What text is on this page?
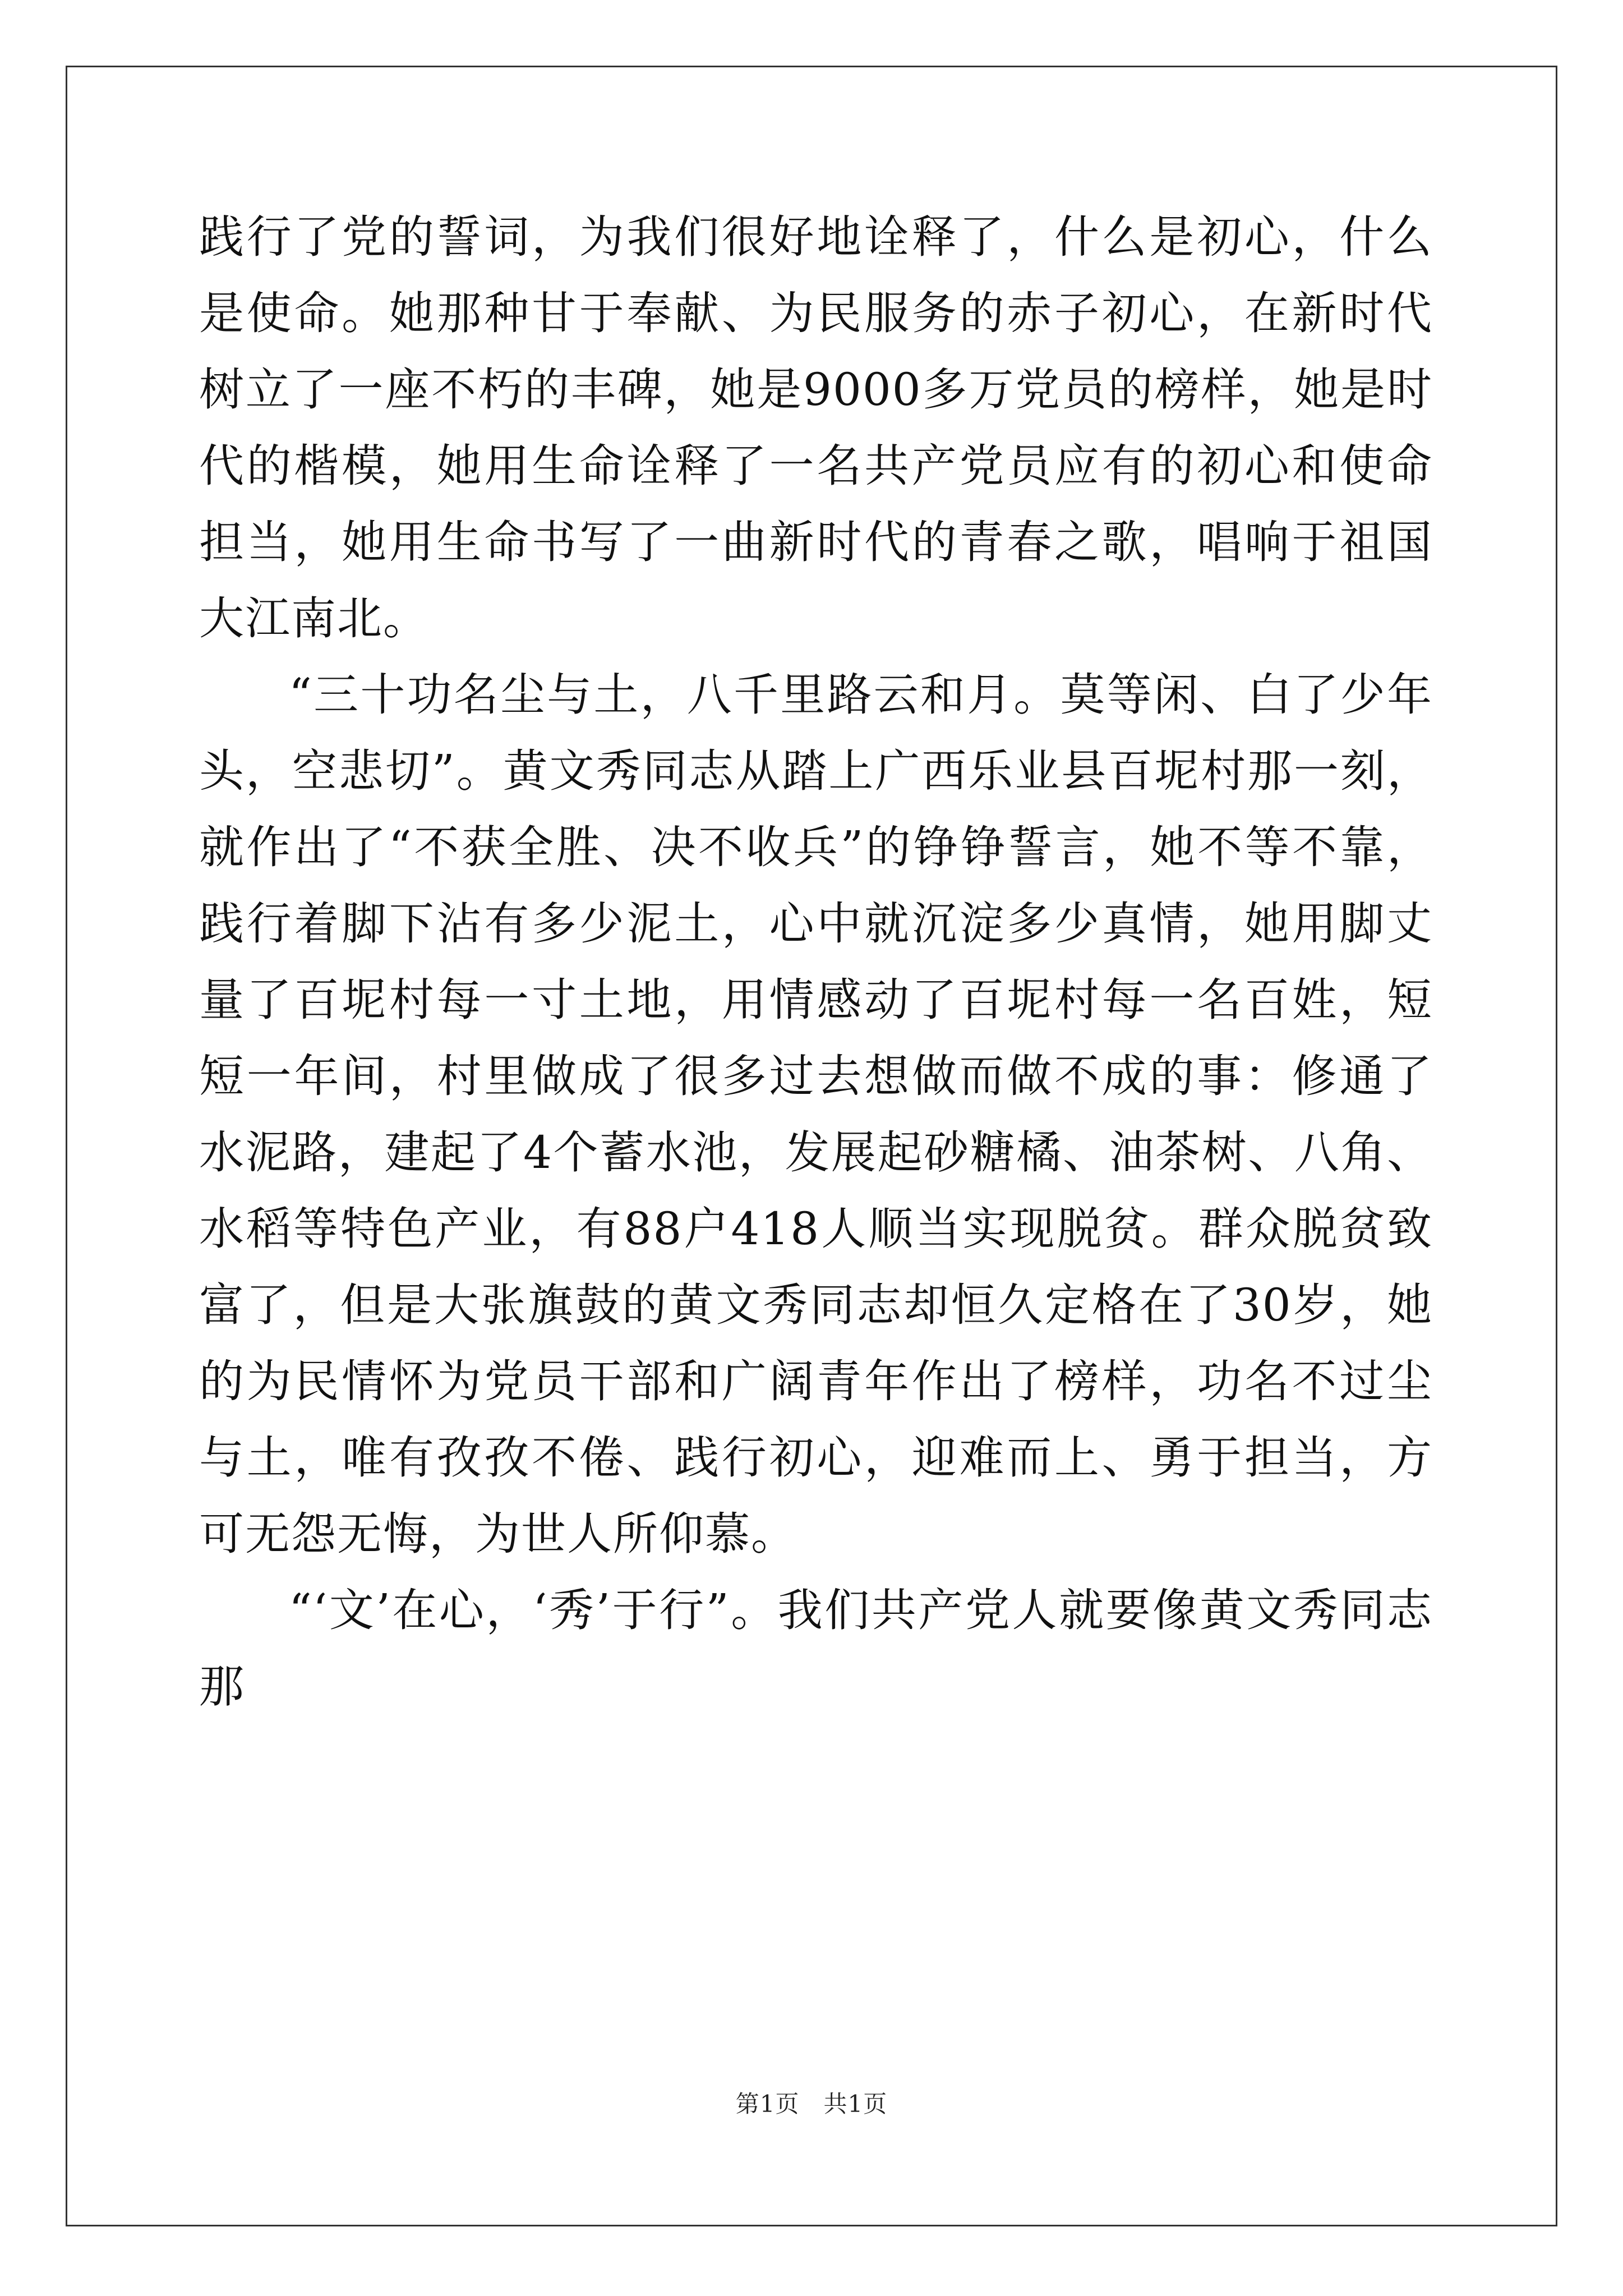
践行了党的誓词，为我们很好地诠释了，什么是初心，什么是使命。她那种甘于奉献、为民服务的赤子初心，在新时代树立了一座不朽的丰碑，她是9000多万党员的榜样，她是时代的楷模，她用生命诠释了一名共产党员应有的初心和使命担当，她用生命书写了一曲新时代的青春之歌，唱响于祖国大江南北。

“三十功名尘与土，八千里路云和月。莫等闲、白了少年头，空悲切”。黄文秀同志从踏上广西乐业县百坭村那一刻，就作出了“不获全胜、决不收兵”的铮铮誓言，她不等不靠，践行着脚下沾有多少泥土，心中就沉淀多少真情，她用脚丈量了百坭村每一寸土地，用情感动了百坭村每一名百姓，短短一年间，村里做成了很多过去想做而做不成的事：修通了水泥路，建起了4个蓄水池，发展起砂糖橘、油茶树、八角、水稻等特色产业，有88户418人顺当实现脱贫。群众脱贫致富了，但是大张旗鼓的黄文秀同志却恒久定格在了30岁，她的为民情怀为党员干部和广阔青年作出了榜样，功名不过尘与土，唯有孜孜不倦、践行初心，迎难而上、勇于担当，方可无怨无悔，为世人所仰慕。

“‘文’在心，‘秀’于行”。我们共产党人就要像黄文秀同志那

第1页　共1页
